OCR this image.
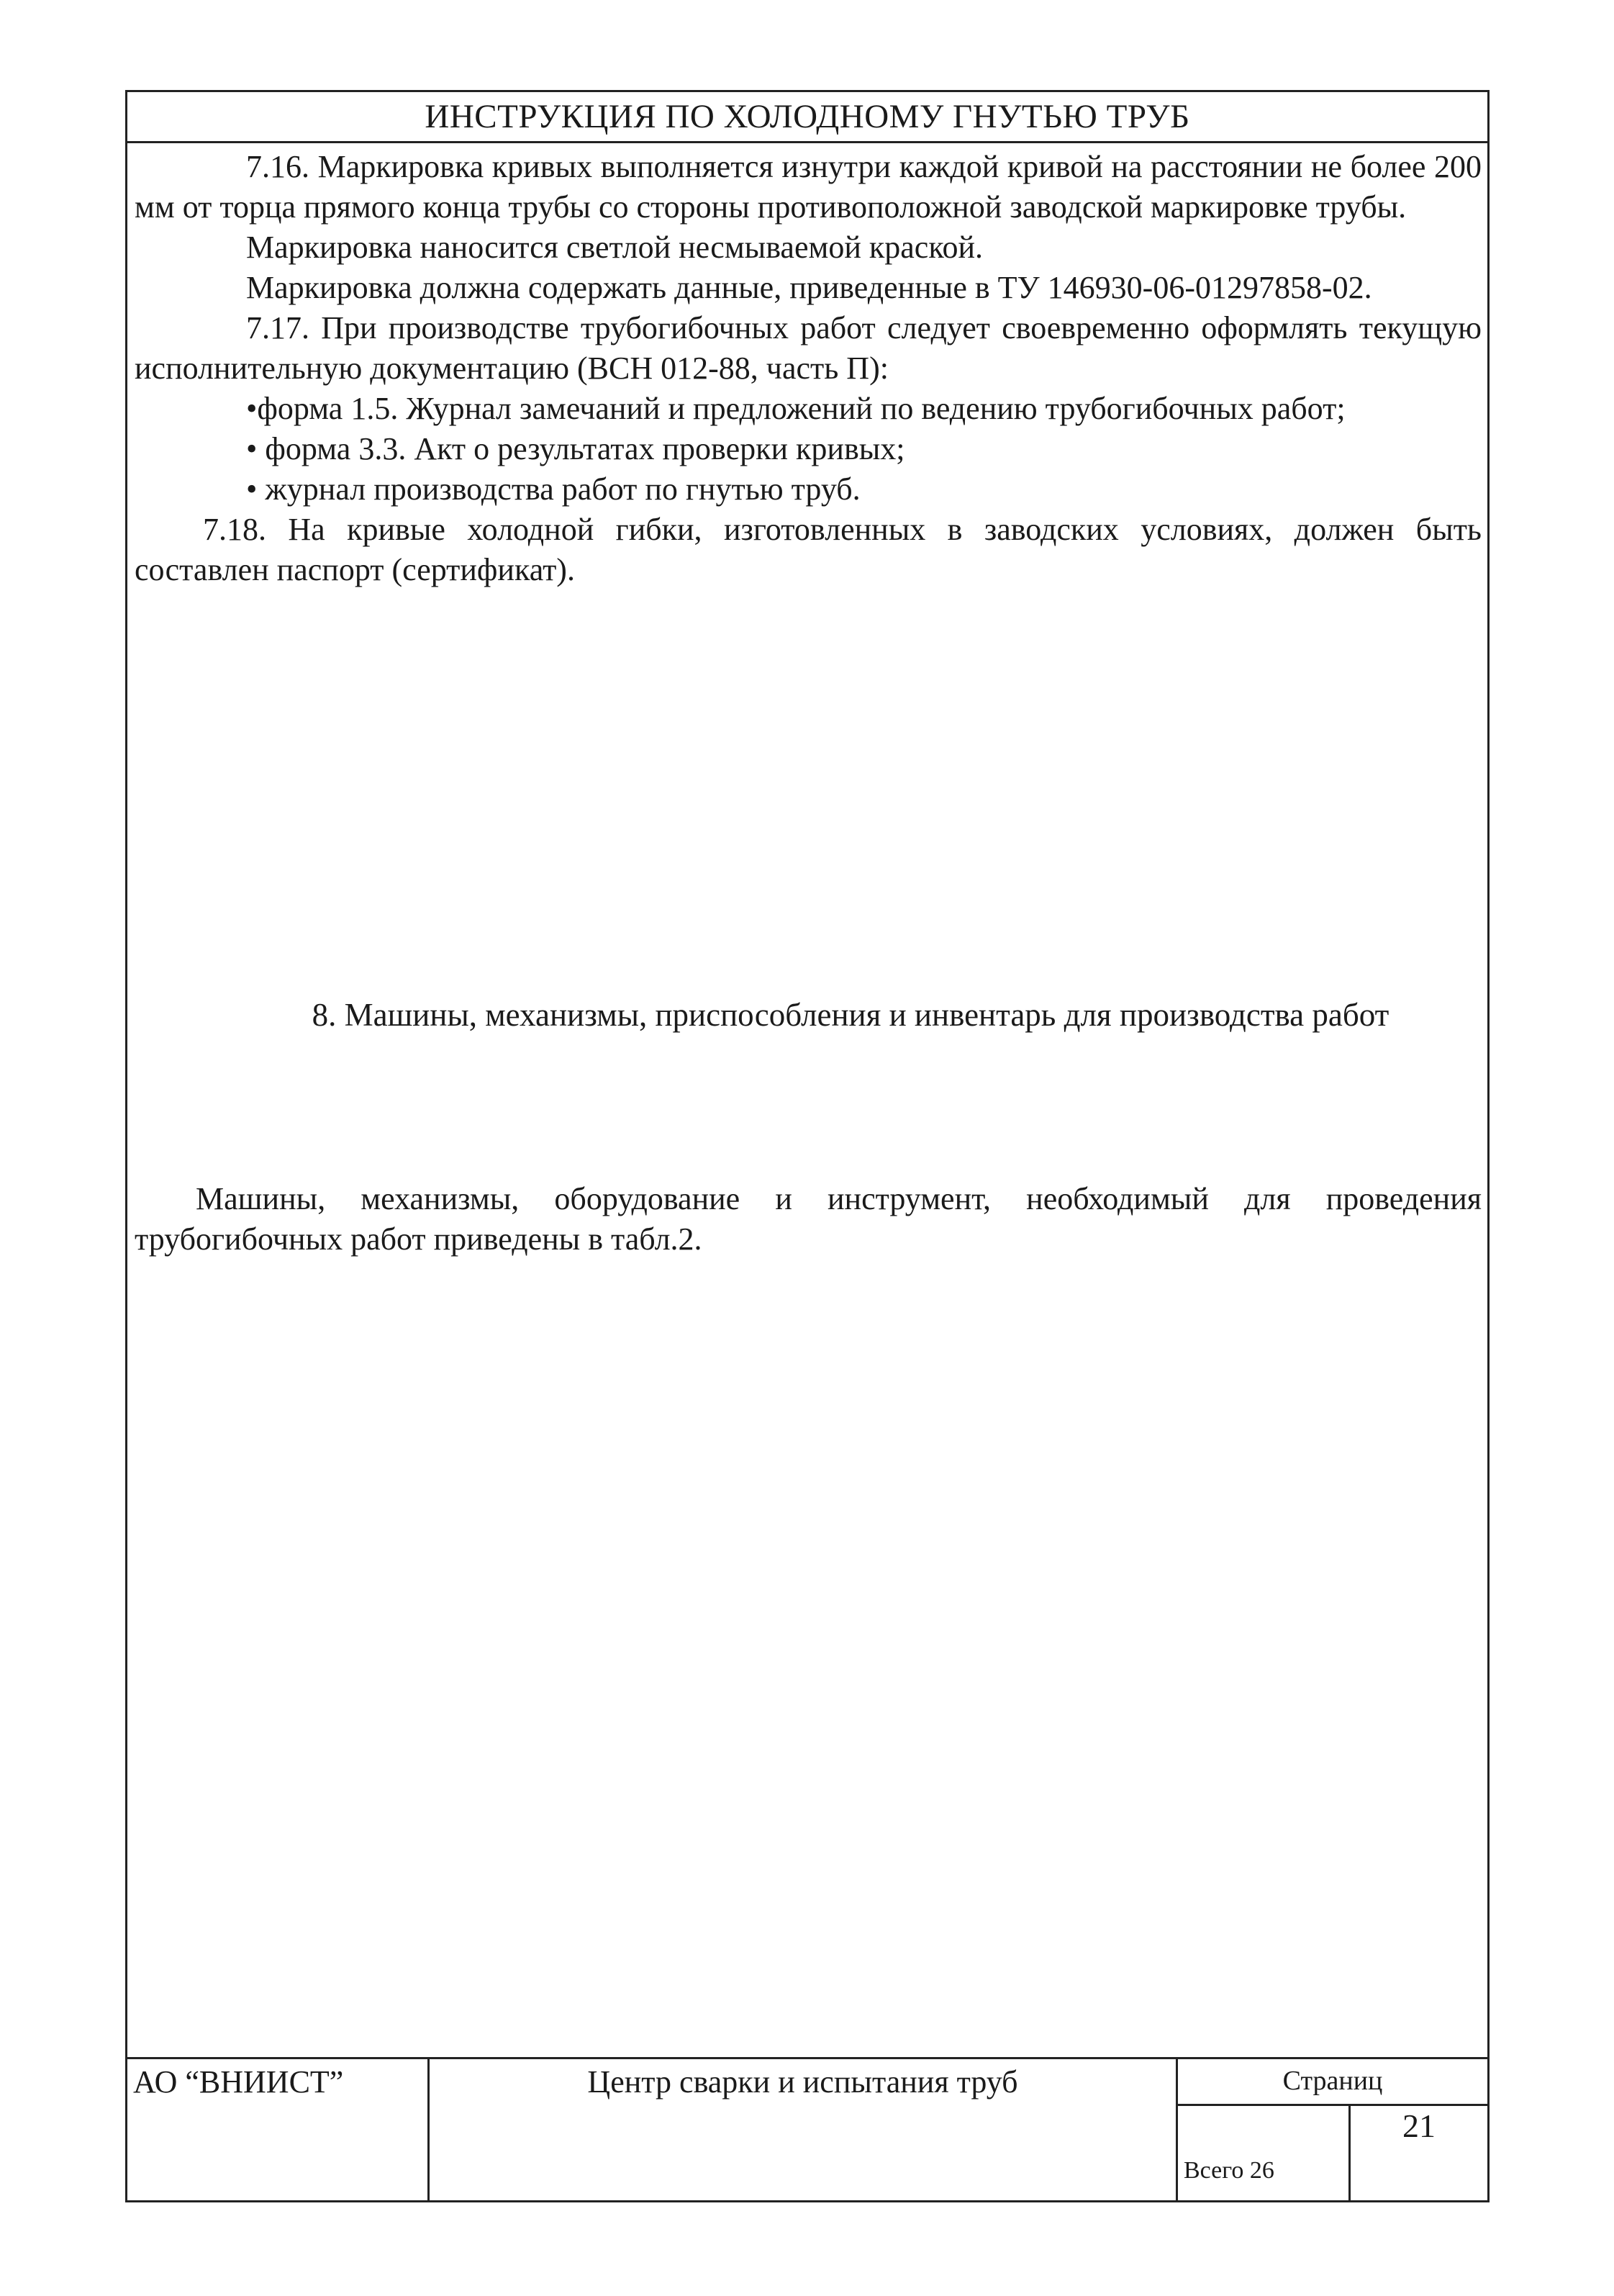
ИНСТРУКЦИЯ ПО ХОЛОДНОМУ ГНУТЬЮ ТРУБ

7.16. Маркировка кривых выполняется изнутри каждой кривой на расстоянии не более 200 мм от торца прямого конца трубы со стороны противоположной заводской маркировке трубы.

Маркировка наносится светлой несмываемой краской.

Маркировка должна содержать данные, приведенные в ТУ 146930-06-01297858-02.

7.17. При производстве трубогибочных работ следует своевременно оформлять текущую исполнительную документацию (ВСН 012-88, часть П):

•форма 1.5. Журнал замечаний и предложений по ведению трубогибочных работ;

• форма 3.3. Акт о результатах проверки кривых;

• журнал производства работ по гнутью труб.

7.18. На кривые холодной гибки, изготовленных в заводских условиях, должен быть составлен паспорт (сертификат).

8. Машины, механизмы, приспособления и инвентарь для производства работ

Машины, механизмы, оборудование и инструмент, необходимый для проведения трубогибочных работ приведены в табл.2.

АО “ВНИИСТ”	Центр сварки и испытания труб	Страниц
Всего 26
21
